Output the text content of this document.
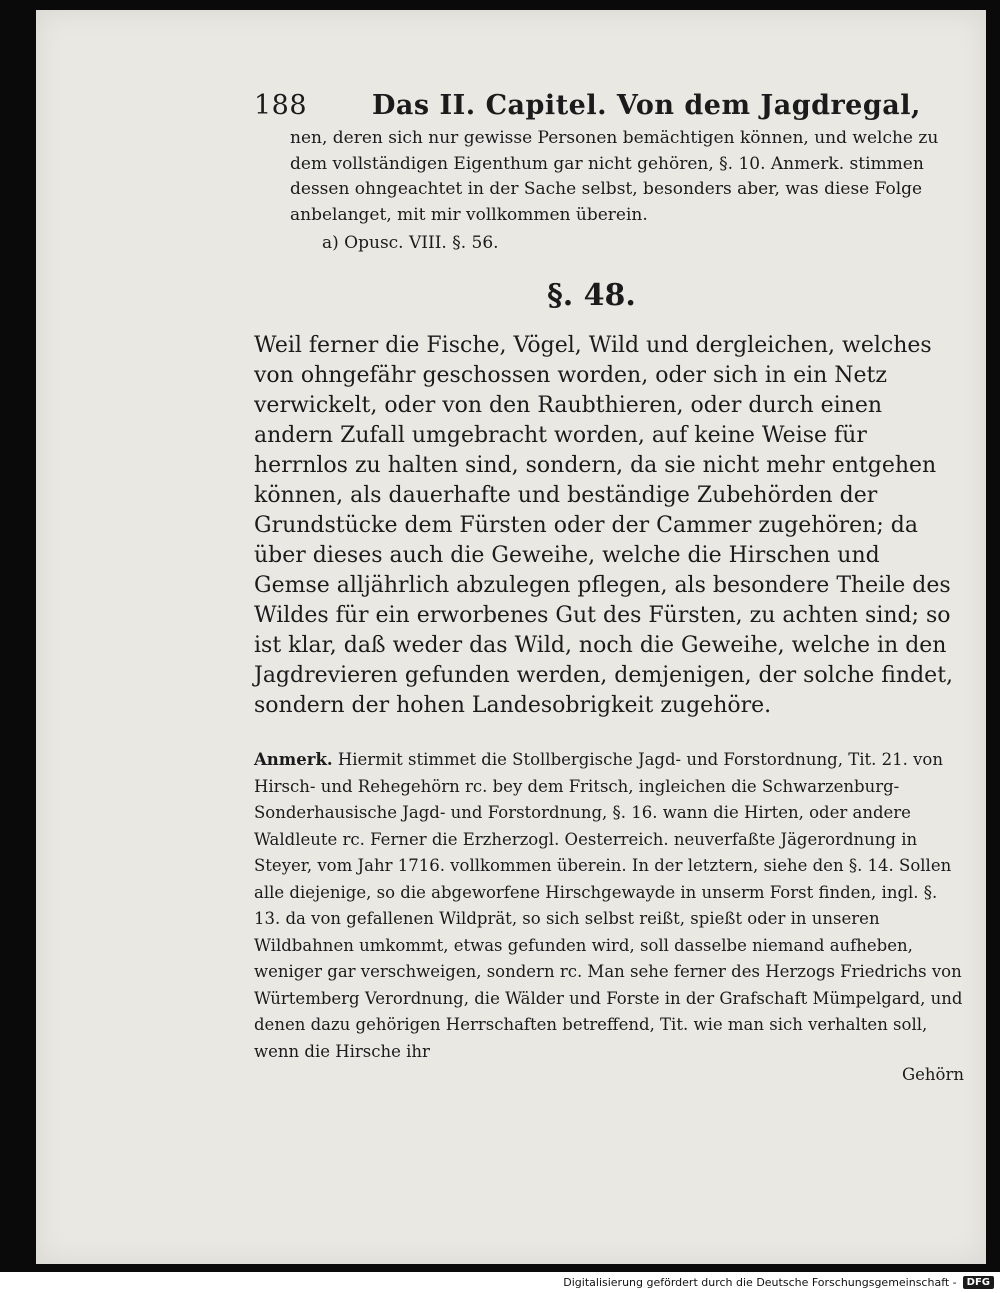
188 Das II. Capitel. Von dem Jagdregal,
nen, deren sich nur gewisse Personen bemächtigen können, und welche zu dem vollständigen Eigenthum gar nicht gehören, §. 10. Anmerk. stimmen dessen ohngeachtet in der Sache selbst, besonders aber, was diese Folge anbelanget, mit mir vollkommen überein.
a) Opusc. VIII. §. 56.
§. 48.
Weil ferner die Fische, Vögel, Wild und dergleichen, welches von ohngefähr geschossen worden, oder sich in ein Netz verwickelt, oder von den Raubthieren, oder durch einen andern Zufall umgebracht worden, auf keine Weise für herrnlos zu halten sind, sondern, da sie nicht mehr entgehen können, als dauerhafte und beständige Zubehörden der Grundstücke dem Fürsten oder der Cammer zugehören; da über dieses auch die Geweihe, welche die Hirschen und Gemse alljährlich abzulegen pflegen, als besondere Theile des Wildes für ein erworbenes Gut des Fürsten, zu achten sind; so ist klar, daß weder das Wild, noch die Geweihe, welche in den Jagdrevieren gefunden werden, demjenigen, der solche findet, sondern der hohen Landesobrigkeit zugehöre.
Anmerk. Hiermit stimmet die Stollbergische Jagd- und Forstordnung, Tit. 21. von Hirsch- und Rehegehörn rc. bey dem Fritsch, ingleichen die Schwarzenburg-Sonderhausische Jagd- und Forstordnung, §. 16. wann die Hirten, oder andere Waldleute rc. Ferner die Erzherzogl. Oesterreich. neuverfaßte Jägerordnung in Steyer, vom Jahr 1716. vollkommen überein. In der letztern, siehe den §. 14. Sollen alle diejenige, so die abgeworfene Hirschgewayde in unserm Forst finden, ingl. §. 13. da von gefallenen Wildprät, so sich selbst reißt, spießt oder in unseren Wildbahnen umkommt, etwas gefunden wird, soll dasselbe niemand aufheben, weniger gar verschweigen, sondern rc. Man sehe ferner des Herzogs Friedrichs von Würtemberg Verordnung, die Wälder und Forste in der Grafschaft Mümpelgard, und denen dazu gehörigen Herrschaften betreffend, Tit. wie man sich verhalten soll, wenn die Hirsche ihr
Gehörn
Digitalisierung gefördert durch die Deutsche Forschungsgemeinschaft -	DFG
